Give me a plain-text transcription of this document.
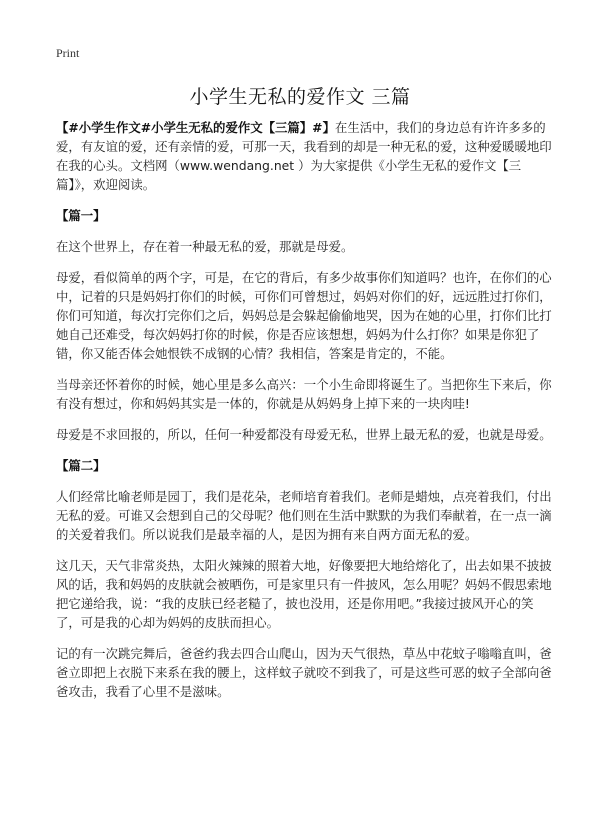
Print
小学生无私的爱作文 三篇

【#小学生作文#小学生无私的爱作文【三篇】#】在生活中，我们的身边总有许许多多的爱，有友谊的爱，还有亲情的爱，可那一天，我看到的却是一种无私的爱，这种爱暖暖地印在我的心头。文档网（www.wendang.net ）为大家提供《小学生无私的爱作文【三篇】》，欢迎阅读。

【篇一】

在这个世界上，存在着一种最无私的爱，那就是母爱。

母爱，看似简单的两个字，可是，在它的背后，有多少故事你们知道吗？也许，在你们的心中，记着的只是妈妈打你们的时候，可你们可曾想过，妈妈对你们的好，远远胜过打你们，你们可知道，每次打完你们之后，妈妈总是会躲起偷偷地哭，因为在她的心里，打你们比打她自己还难受，每次妈妈打你的时候，你是否应该想想，妈妈为什么打你？如果是你犯了错，你又能否体会她恨铁不成钢的心情？我相信，答案是肯定的，不能。

当母亲还怀着你的时候，她心里是多么高兴：一个小生命即将诞生了。当把你生下来后，你有没有想过，你和妈妈其实是一体的，你就是从妈妈身上掉下来的一块肉哇!

母爱是不求回报的，所以，任何一种爱都没有母爱无私，世界上最无私的爱，也就是母爱。

【篇二】

人们经常比喻老师是园丁，我们是花朵，老师培育着我们。老师是蜡烛，点亮着我们，付出无私的爱。可谁又会想到自己的父母呢？他们则在生活中默默的为我们奉献着，在一点一滴的关爱着我们。所以说我们是最幸福的人，是因为拥有来自两方面无私的爱。

这几天，天气非常炎热，太阳火辣辣的照着大地，好像要把大地给熔化了，出去如果不披披风的话，我和妈妈的皮肤就会被晒伤，可是家里只有一件披风，怎么用呢？妈妈不假思索地把它递给我，说：“我的皮肤已经老糙了，披也没用，还是你用吧。”我接过披风开心的笑了，可是我的心却为妈妈的皮肤而担心。

记的有一次跳完舞后，爸爸约我去四合山爬山，因为天气很热，草丛中花蚊子嗡嗡直叫，爸爸立即把上衣脱下来系在我的腰上，这样蚊子就咬不到我了，可是这些可恶的蚊子全部向爸爸攻击，我看了心里不是滋味。
